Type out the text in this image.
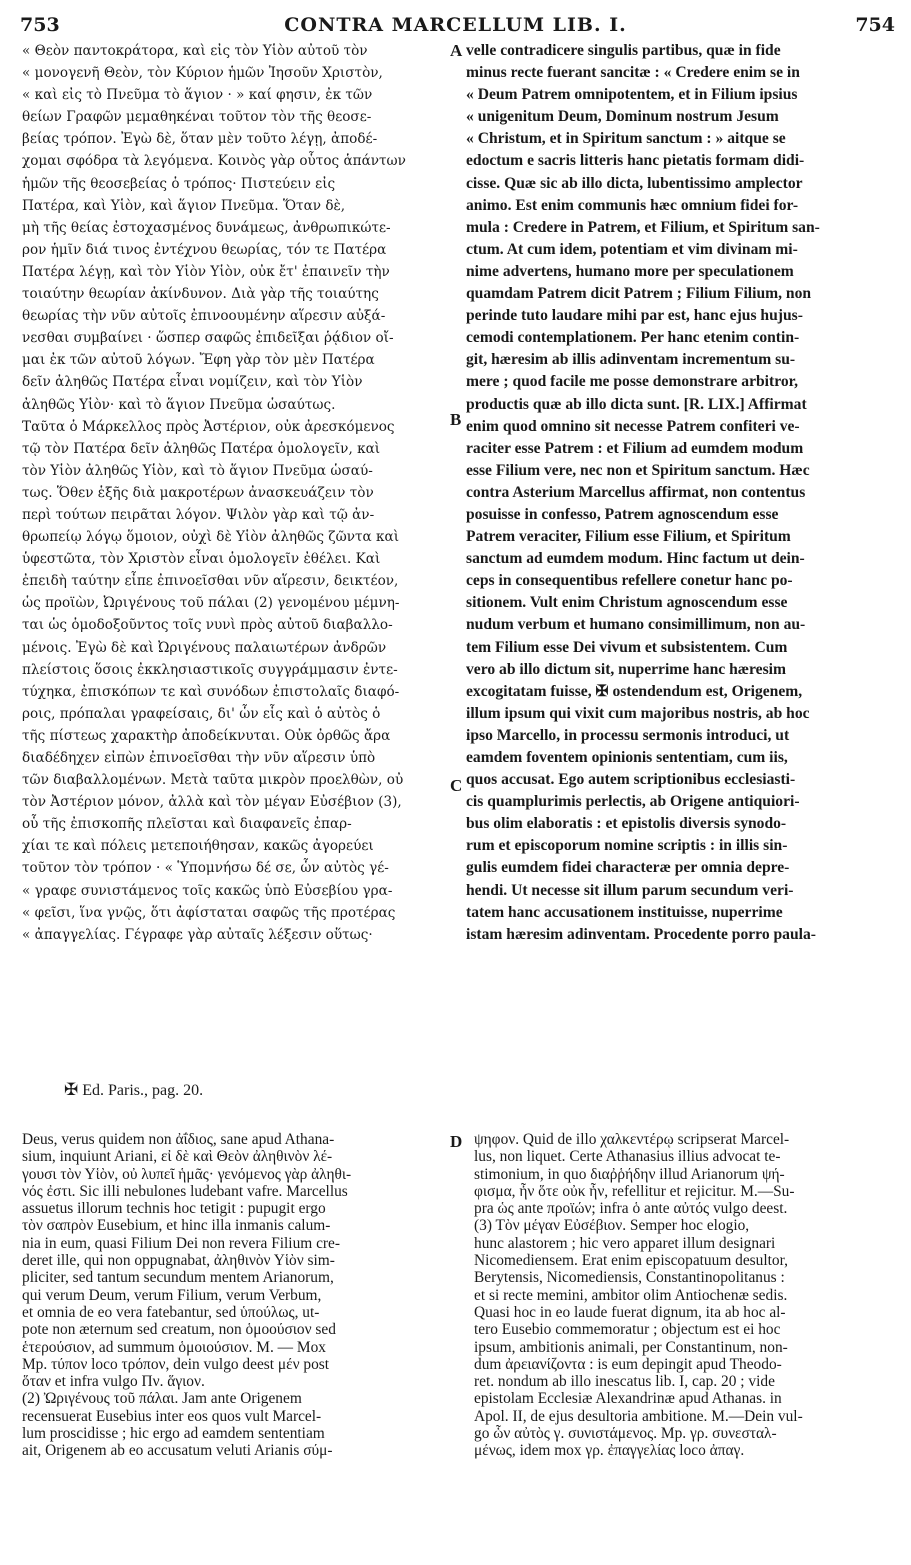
CONTRA MARCELLUM LIB. I.
753	754
« Θεὸν παντοκράτορα, καὶ εἰς τὸν Υἱὸν αὐτοῦ τὸν
« μονογενῆ Θεὸν, τὸν Κύριον ἡμῶν Ἰησοῦν Χριστὸν,
« καὶ εἰς τὸ Πνεῦμα τὸ ἅγιον · » καί φησιν, ἐκ τῶν
θείων Γραφῶν μεμαθηκέναι τοῦτον τὸν τῆς θεοσε-
βείας τρόπον. Ἐγὼ δὲ, ὅταν μὲν τοῦτο λέγῃ, ἀποδέ-
χομαι σφόδρα τὰ λεγόμενα. Κοινὸς γὰρ οὗτος ἁπάντων
ἡμῶν τῆς θεοσεβείας ὁ τρόπος· Πιστεύειν εἰς
Πατέρα, καὶ Υἱὸν, καὶ ἅγιον Πνεῦμα. Ὅταν δὲ,
μὴ τῆς θείας ἐστοχασμένος δυνάμεως, ἀνθρωπικώτε-
ρον ἡμῖν διά τινος ἐντέχνου θεωρίας, τόν τε Πατέρα
Πατέρα λέγῃ, καὶ τὸν Υἱὸν Υἱὸν, οὐκ ἔτ' ἐπαινεῖν τὴν
τοιαύτην θεωρίαν ἀκίνδυνον. Διὰ γὰρ τῆς τοιαύτης
θεωρίας τὴν νῦν αὐτοῖς ἐπινοουμένην αἵρεσιν αὐξά-
νεσθαι συμβαίνει · ὥσπερ σαφῶς ἐπιδεῖξαι ῥᾴδιον οἴ-
μαι ἐκ τῶν αὐτοῦ λόγων. Ἔφη γὰρ τὸν μὲν Πατέρα
δεῖν ἀληθῶς Πατέρα εἶναι νομίζειν, καὶ τὸν Υἱὸν
ἀληθῶς Υἱὸν· καὶ τὸ ἅγιον Πνεῦμα ὡσαύτως.
Ταῦτα ὁ Μάρκελλος πρὸς Ἀστέριον, οὐκ ἀρεσκόμενος
τῷ τὸν Πατέρα δεῖν ἀληθῶς Πατέρα ὁμολογεῖν, καὶ
τὸν Υἱὸν ἀληθῶς Υἱὸν, καὶ τὸ ἅγιον Πνεῦμα ὡσαύ-
τως. Ὅθεν ἑξῆς διὰ μακροτέρων ἀνασκευάζειν τὸν
περὶ τούτων πειρᾶται λόγον. Ψιλὸν γὰρ καὶ τῷ ἀν-
θρωπείῳ λόγῳ ὅμοιον, οὐχὶ δὲ Υἱὸν ἀληθῶς ζῶντα καὶ
ὑφεστῶτα, τὸν Χριστὸν εἶναι ὁμολογεῖν ἐθέλει. Καὶ
ἐπειδὴ ταύτην εἶπε ἐπινοεῖσθαι νῦν αἵρεσιν, δεικτέον,
ὡς προϊὼν, Ὠριγένους τοῦ πάλαι (2) γενομένου μέμνη-
ται ὡς ὁμοδοξοῦντος τοῖς νυνὶ πρὸς αὐτοῦ διαβαλλο-
μένοις. Ἐγὼ δὲ καὶ Ὠριγένους παλαιωτέρων ἀνδρῶν
πλείστοις ὅσοις ἐκκλησιαστικοῖς συγγράμμασιν ἐντε-
τύχηκα, ἐπισκόπων τε καὶ συνόδων ἐπιστολαῖς διαφό-
ροις, πρόπαλαι γραφείσαις, δι' ὧν εἷς καὶ ὁ αὐτὸς ὁ
τῆς πίστεως χαρακτὴρ ἀποδείκνυται. Οὐκ ὀρθῶς ἄρα
διαδέδηχεν εἰπὼν ἐπινοεῖσθαι τὴν νῦν αἵρεσιν ὑπὸ
τῶν διαβαλλομένων. Μετὰ ταῦτα μικρὸν προελθὼν, οὐ
τὸν Ἀστέριον μόνον, ἀλλὰ καὶ τὸν μέγαν Εὐσέβιον (3),
οὗ τῆς ἐπισκοπῆς πλεῖσται καὶ διαφανεῖς ἐπαρ-
χίαι τε καὶ πόλεις μετεποιήθησαν, κακῶς ἀγορεύει
τοῦτον τὸν τρόπον · « Ὑπομνήσω δέ σε, ὧν αὐτὸς γέ-
« γραφε συνιστάμενος τοῖς κακῶς ὑπὸ Εὐσεβίου γρα-
« φεῖσι, ἵνα γνῷς, ὅτι ἀφίσταται σαφῶς τῆς προτέρας
« ἀπαγγελίας. Γέγραφε γὰρ αὐταῖς λέξεσιν οὕτως·
velle contradicere singulis partibus, quæ in fide
minus recte fuerant sancitæ : « Credere enim se in
« Deum Patrem omnipotentem, et in Filium ipsius
« unigenitum Deum, Dominum nostrum Jesum
« Christum, et in Spiritum sanctum : » aitque se
edoctum e sacris litteris hanc pietatis formam didi-
cisse. Quæ sic ab illo dicta, lubentissimo amplector
animo. Est enim communis hæc omnium fidei for-
mula : Credere in Patrem, et Filium, et Spiritum san-
ctum. At cum idem, potentiam et vim divinam mi-
nime advertens, humano more per speculationem
quamdam Patrem dicit Patrem ; Filium Filium, non
perinde tuto laudare mihi par est, hanc ejus hujus-
cemodi contemplationem. Per hanc etenim contin-
git, hæresim ab illis adinventam incrementum su-
mere ; quod facile me posse demonstrare arbitror,
productis quæ ab illo dicta sunt. [R. LIX.] Affirmat
enim quod omnino sit necesse Patrem confiteri ve-
raciter esse Patrem : et Filium ad eumdem modum
esse Filium vere, nec non et Spiritum sanctum. Hæc
contra Asterium Marcellus affirmat, non contentus
posuisse in confesso, Patrem agnoscendum esse
Patrem veraciter, Filium esse Filium, et Spiritum
sanctum ad eumdem modum. Hinc factum ut dein-
ceps in consequentibus refellere conetur hanc po-
sitionem. Vult enim Christum agnoscendum esse
nudum verbum et humano consimillimum, non au-
tem Filium esse Dei vivum et subsistentem. Cum
vero ab illo dictum sit, nuperrime hanc hæresim
excogitatam fuisse, ✠ ostendendum est, Origenem,
illum ipsum qui vixit cum majoribus nostris, ab hoc
ipso Marcello, in processu sermonis introduci, ut
eamdem foventem opinionis sententiam, cum iis,
quos accusat. Ego autem scriptionibus ecclesiasti-
cis quamplurimis perlectis, ab Origene antiquiori-
bus olim elaboratis : et epistolis diversis synodo-
rum et episcoporum nomine scriptis : in illis sin-
gulis eumdem fidei characteræ per omnia depre-
hendi. Ut necesse sit illum parum secundum veri-
tatem hanc accusationem instituisse, nuperrime
istam hæresim adinventam. Procedente porro paula-
A
B
C
D
✠ Ed. Paris., pag. 20.
Deus, verus quidem non ἀΐδιος, sane apud Athana-
sium, inquiunt Ariani, εἰ δὲ καὶ Θεὸν ἀληθινὸν λέ-
γουσι τὸν Υἱὸν, οὐ λυπεῖ ἡμᾶς· γενόμενος γὰρ ἀληθι-
νός ἐστι. Sic illi nebulones ludebant vafre. Marcellus
assuetus illorum technis hoc tetigit : pupugit ergo
τὸν σαπρὸν Eusebium, et hinc illa inmanis calum-
nia in eum, quasi Filium Dei non revera Filium cre-
deret ille, qui non oppugnabat, ἀληθινὸν Υἱὸν sim-
pliciter, sed tantum secundum mentem Arianorum,
qui verum Deum, verum Filium, verum Verbum,
et omnia de eo vera fatebantur, sed ὑπούλως, ut-
pote non æternum sed creatum, non ὁμοούσιον sed
ἑτερούσιον, ad summum ὁμοιούσιον. M. — Mox
Mp. τύπον loco τρόπον, dein vulgo deest μέν post
ὅταν et infra vulgo Πν. ἅγιον.
(2) Ὠριγένους τοῦ πάλαι. Jam ante Origenem
recensuerat Eusebius inter eos quos vult Marcel-
lum proscidisse ; hic ergo ad eamdem sententiam
ait, Origenem ab eo accusatum veluti Arianis σύμ-
ψηφον. Quid de illo χαλκεντέρῳ scripserat Marcel-
lus, non liquet. Certe Athanasius illius advocat te-
stimonium, in quo διαῤῥήδην illud Arianorum ψή-
φισμα, ἦν ὅτε οὐκ ἦν, refellitur et rejicitur. M.—Su-
pra ὡς ante προϊών; infra ὁ ante αὐτός vulgo deest.
(3) Τὸν μέγαν Εὐσέβιον. Semper hoc elogio,
hunc alastorem ; hic vero apparet illum designari
Nicomediensem. Erat enim episcopatuum desultor,
Berytensis, Nicomediensis, Constantinopolitanus :
et si recte memini, ambitor olim Antiochenæ sedis.
Quasi hoc in eo laude fuerat dignum, ita ab hoc al-
tero Eusebio commemoratur ; objectum est ei hoc
ipsum, ambitionis animali, per Constantinum, non-
dum ἀρειανίζοντα : is eum depingit apud Theodo-
ret. nondum ab illo inescatus lib. I, cap. 20 ; vide
epistolam Ecclesiæ Alexandrinæ apud Athanas. in
Apol. II, de ejus desultoria ambitione. M.—Dein vul-
go ὧν αὐτὸς γ. συνιστάμενος. Mp. γρ. συνεσταλ-
μένως, idem mox γρ. ἐπαγγελίας loco ἀπαγ.
